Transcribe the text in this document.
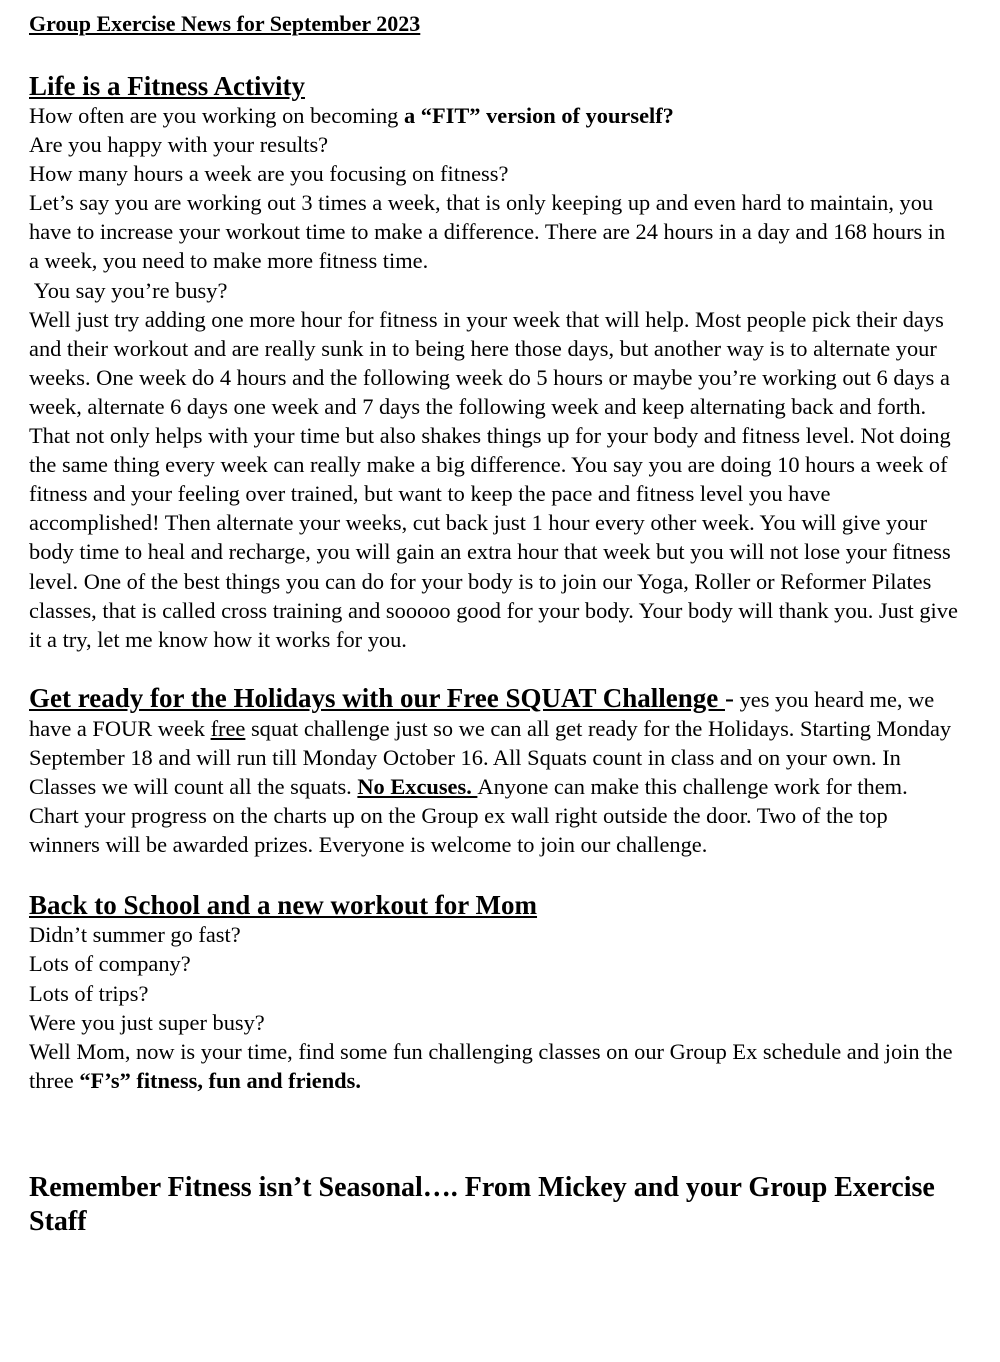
Group Exercise News for September 2023
Life is a Fitness Activity

How often are you working on becoming a “FIT” version of yourself?

Are you happy with your results?

How many hours a week are you focusing on fitness?

Let’s say you are working out 3 times a week, that is only keeping up and even hard to maintain, you have to increase your workout time to make a difference. There are 24 hours in a day and 168 hours in a week, you need to make more fitness time.

You say you’re busy?

Well just try adding one more hour for fitness in your week that will help. Most people pick their days and their workout and are really sunk in to being here those days, but another way is to alternate your weeks. One week do 4 hours and the following week do 5 hours or maybe you’re working out 6 days a week, alternate 6 days one week and 7 days the following week and keep alternating back and forth. That not only helps with your time but also shakes things up for your body and fitness level. Not doing the same thing every week can really make a big difference. You say you are doing 10 hours a week of fitness and your feeling over trained, but want to keep the pace and fitness level you have accomplished! Then alternate your weeks, cut back just 1 hour every other week. You will give your body time to heal and recharge, you will gain an extra hour that week but you will not lose your fitness level. One of the best things you can do for your body is to join our Yoga, Roller or Reformer Pilates classes, that is called cross training and sooooo good for your body. Your body will thank you. Just give it a try, let me know how it works for you.

Get ready for the Holidays with our Free SQUAT Challenge - yes you heard me, we have a FOUR week free squat challenge just so we can all get ready for the Holidays. Starting Monday September 18 and will run till Monday October 16. All Squats count in class and on your own. In Classes we will count all the squats. No Excuses. Anyone can make this challenge work for them. Chart your progress on the charts up on the Group ex wall right outside the door. Two of the top winners will be awarded prizes. Everyone is welcome to join our challenge.

Back to School and a new workout for Mom

Didn’t summer go fast?

Lots of company?

Lots of trips?

Were you just super busy?

Well Mom, now is your time, find some fun challenging classes on our Group Ex schedule and join the three “F’s” fitness, fun and friends.

Remember Fitness isn’t Seasonal…. From Mickey and your Group Exercise Staff
